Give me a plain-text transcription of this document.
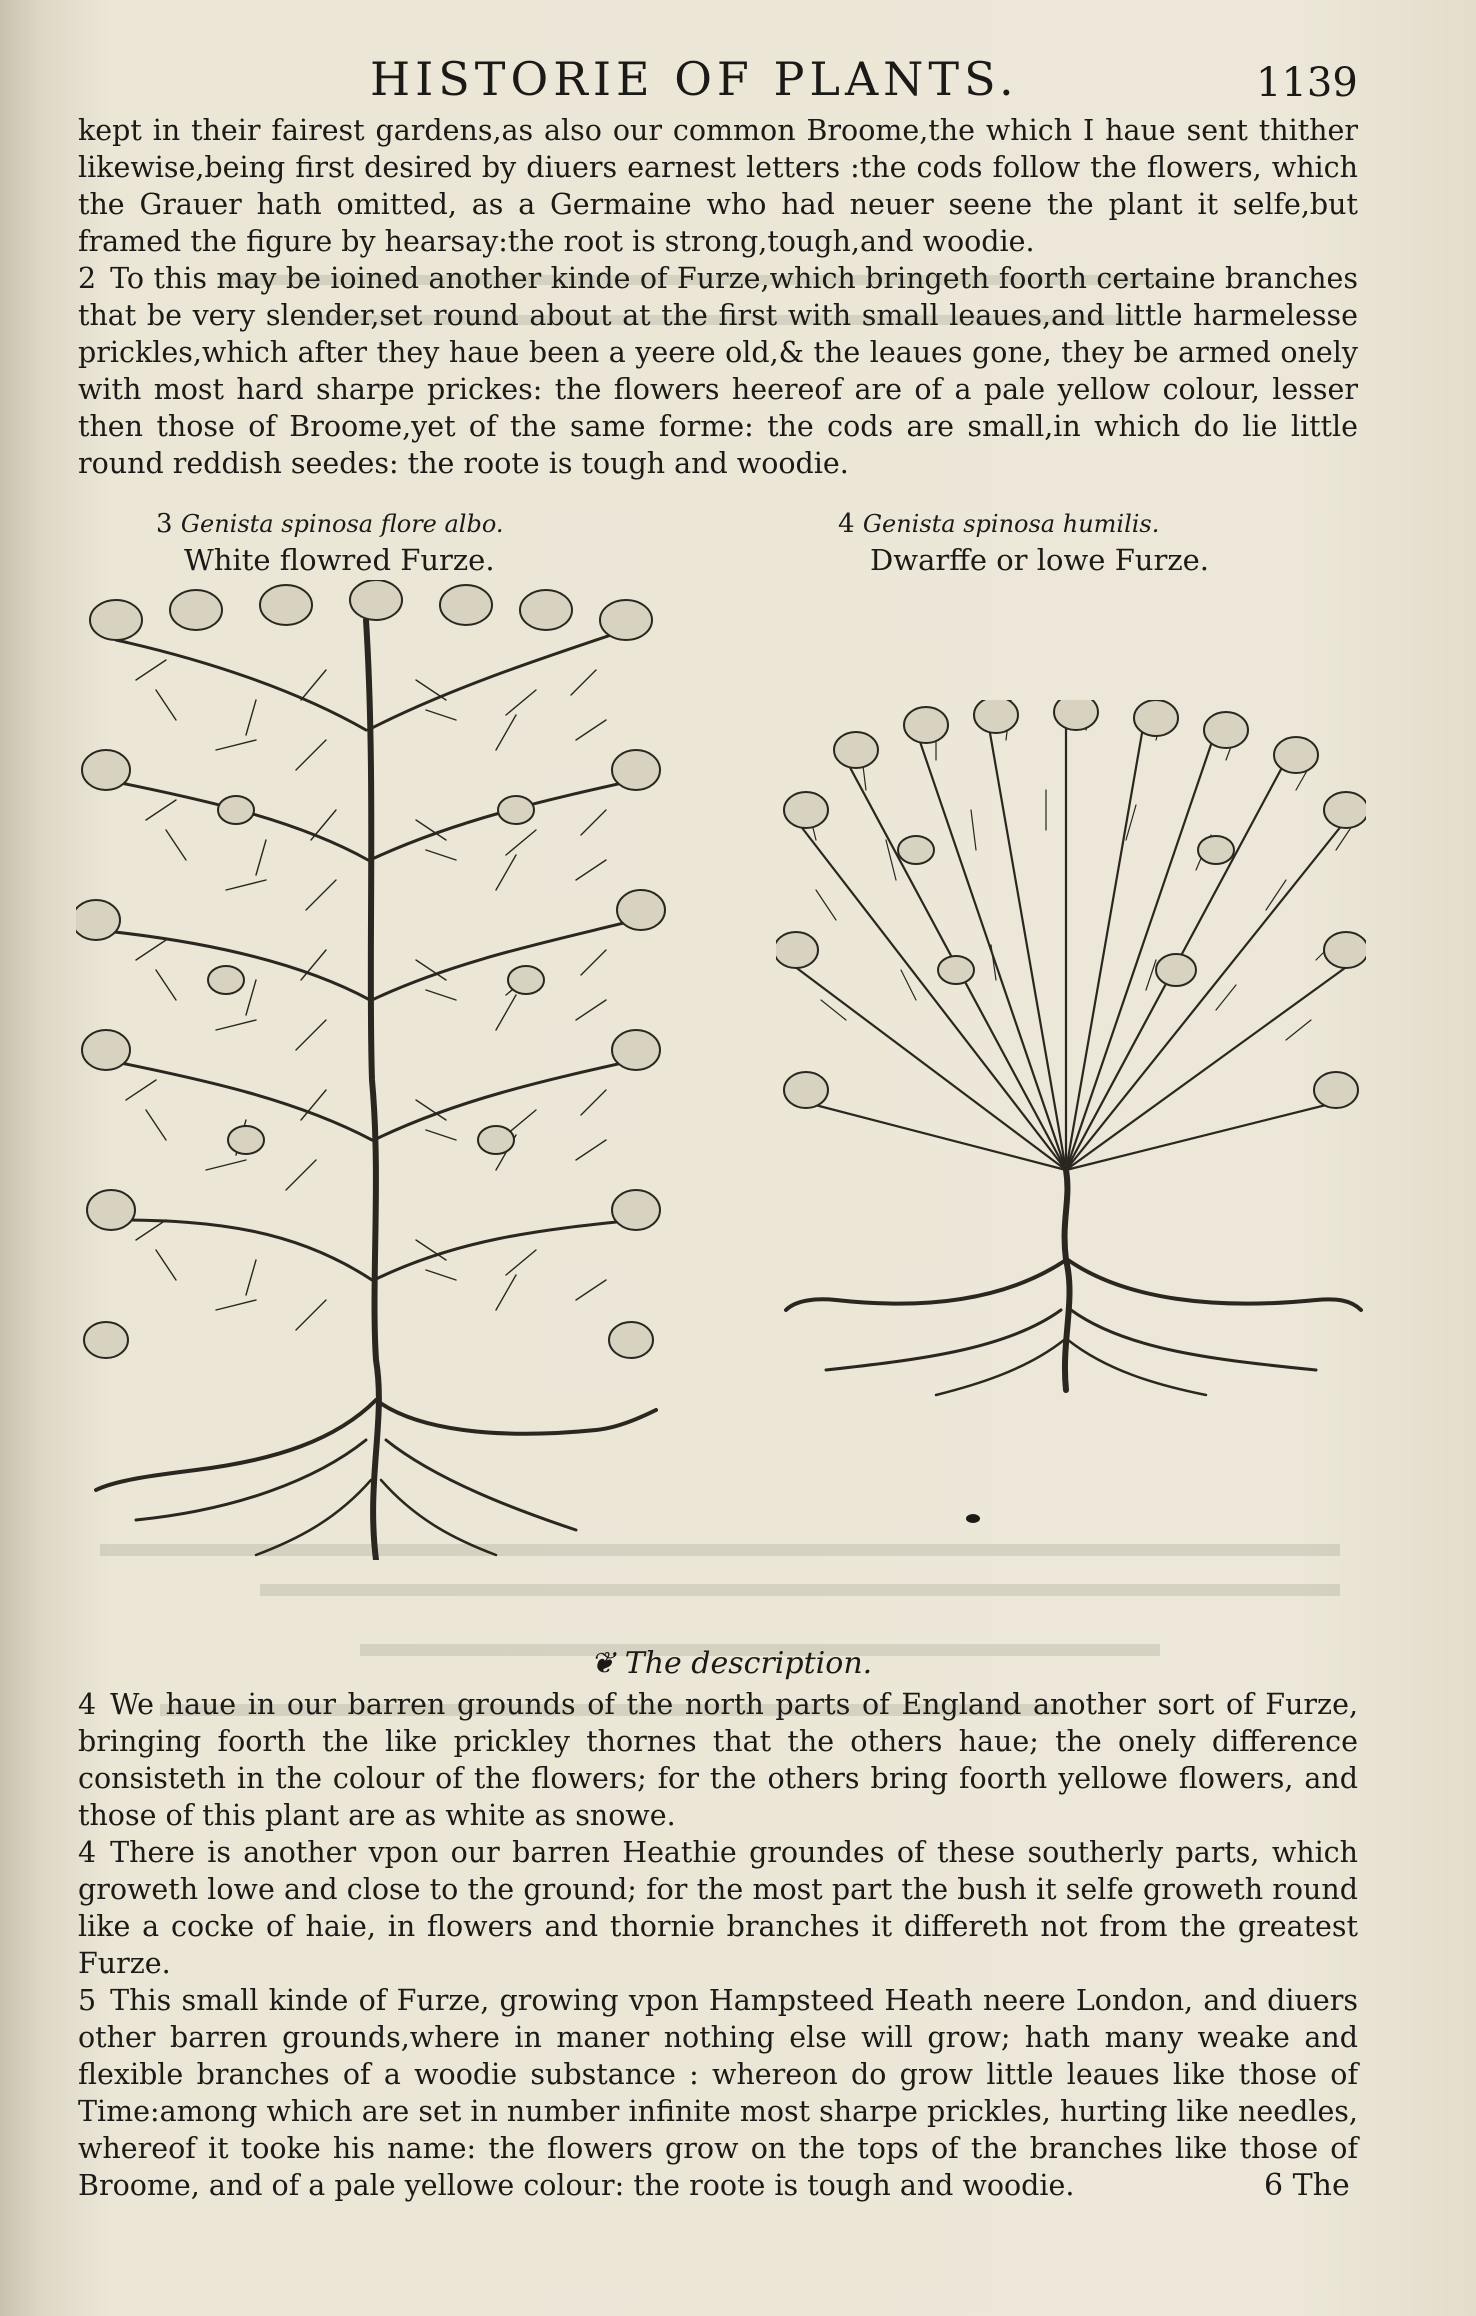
HISTORIE OF PLANTS.	1139

kept in their fairest gardens,as also our common Broome,the which I haue sent thither likewise,being first desired by diuers earnest letters :the cods follow the flowers, which the Grauer hath omitted, as a Germaine who had neuer seene the plant it selfe,but framed the figure by hearsay:the root is strong,tough,and woodie.

2 To this may be ioined another kinde of Furze,which bringeth foorth certaine branches that be very slender,set round about at the first with small leaues,and little harmelesse prickles,which after they haue been a yeere old,& the leaues gone, they be armed onely with most hard sharpe prickes: the flowers heereof are of a pale yellow colour, lesser then those of Broome,yet of the same forme: the cods are small,in which do lie little round reddish seedes: the roote is tough and woodie.

3 Genista spinosa flore albo.
White flowred Furze.
4 Genista spinosa humilis.
Dwarffe or lowe Furze.
❦ The description.

4 We haue in our barren grounds of the north parts of England another sort of Furze, bringing foorth the like prickley thornes that the others haue; the onely difference consisteth in the colour of the flowers; for the others bring foorth yellowe flowers, and those of this plant are as white as snowe.

4 There is another vpon our barren Heathie groundes of these southerly parts, which groweth lowe and close to the ground; for the most part the bush it selfe groweth round like a cocke of haie, in flowers and thornie branches it differeth not from the greatest Furze.

5 This small kinde of Furze, growing vpon Hampsteed Heath neere London, and diuers other barren grounds,where in maner nothing else will grow; hath many weake and flexible branches of a woodie substance : whereon do grow little leaues like those of Time:among which are set in number infinite most sharpe prickles, hurting like needles, whereof it tooke his name: the flowers grow on the tops of the branches like those of Broome, and of a pale yellowe colour: the roote is tough and woodie.	6 The
